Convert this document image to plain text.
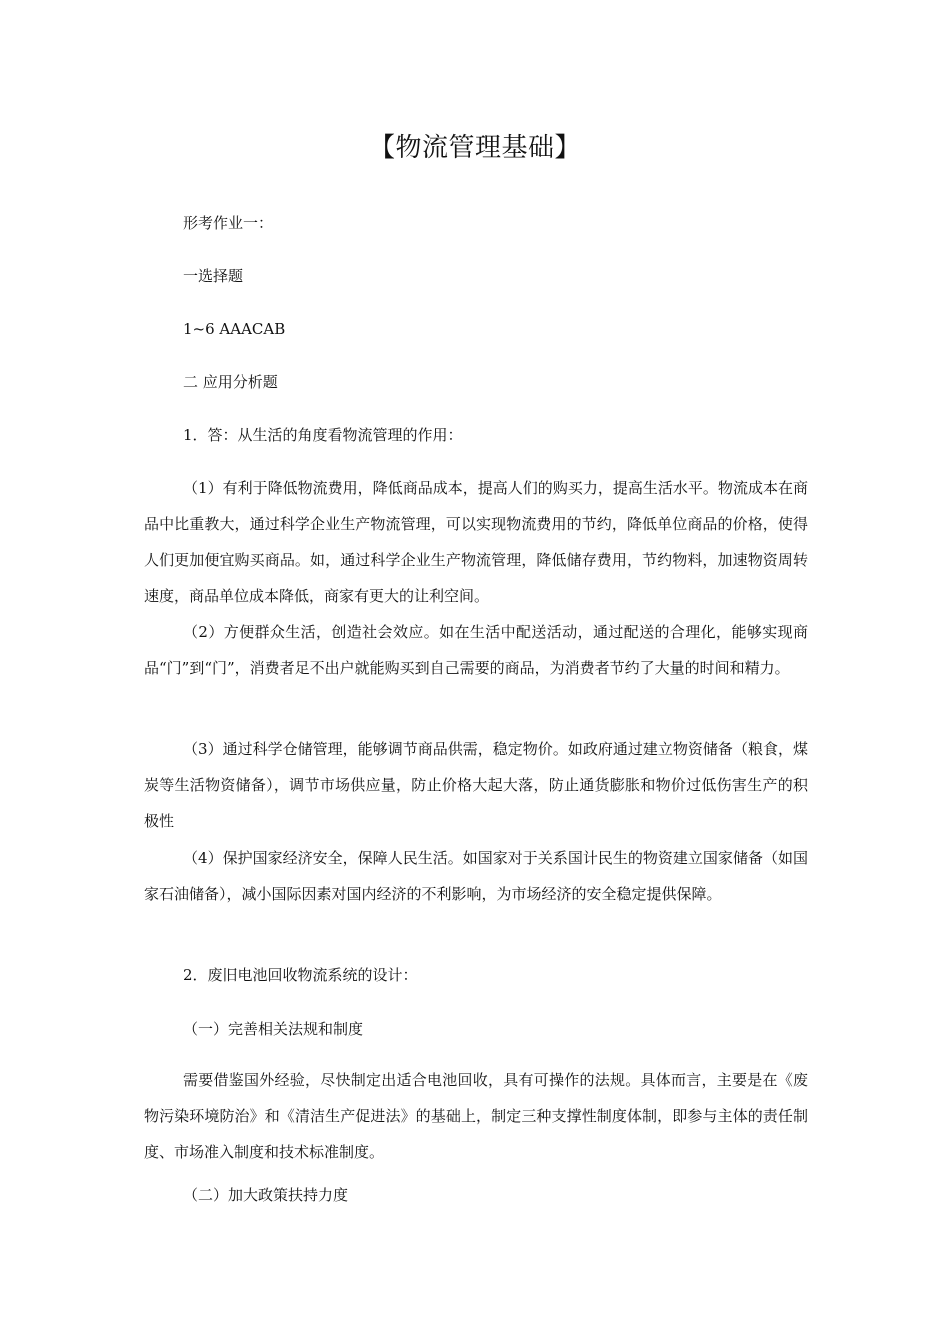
【物流管理基础】
形考作业一：
一选择题
1~6 AAACAB
二 应用分析题
1．答：从生活的角度看物流管理的作用：
（1）有利于降低物流费用，降低商品成本，提高人们的购买力，提高生活水平。物流成本在商品中比重教大，通过科学企业生产物流管理，可以实现物流费用的节约，降低单位商品的价格，使得人们更加便宜购买商品。如，通过科学企业生产物流管理，降低储存费用，节约物料，加速物资周转速度，商品单位成本降低，商家有更大的让利空间。
（2）方便群众生活，创造社会效应。如在生活中配送活动，通过配送的合理化，能够实现商品“门”到“门”，消费者足不出户就能购买到自己需要的商品，为消费者节约了大量的时间和精力。
（3）通过科学仓储管理，能够调节商品供需，稳定物价。如政府通过建立物资储备（粮食，煤炭等生活物资储备），调节市场供应量，防止价格大起大落，防止通货膨胀和物价过低伤害生产的积极性
（4）保护国家经济安全，保障人民生活。如国家对于关系国计民生的物资建立国家储备（如国家石油储备），减小国际因素对国内经济的不利影响，为市场经济的安全稳定提供保障。
2．废旧电池回收物流系统的设计：
（一）完善相关法规和制度
需要借鉴国外经验，尽快制定出适合电池回收，具有可操作的法规。具体而言，主要是在《废物污染环境防治》和《清洁生产促进法》的基础上，制定三种支撑性制度体制，即参与主体的责任制度、市场准入制度和技术标准制度。
（二）加大政策扶持力度
